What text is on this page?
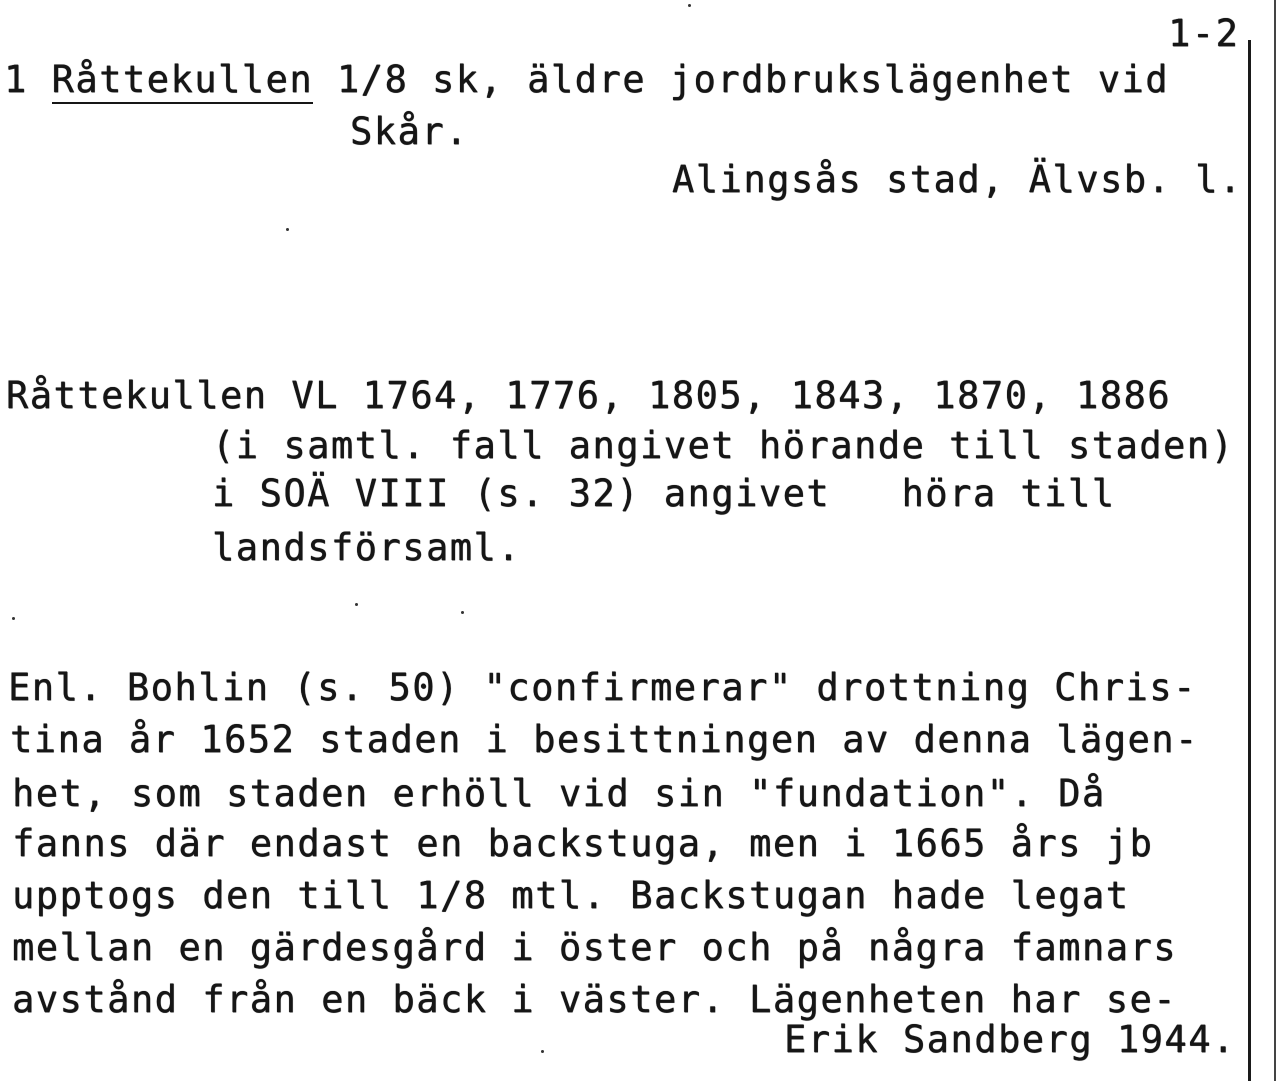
1-2
1 Råttekullen 1/8 sk, äldre jordbrukslägenhet vid
Skår.
Alingsås stad, Älvsb. l.
Råttekullen VL 1764, 1776, 1805, 1843, 1870, 1886
(i samtl. fall angivet hörande till staden)
i SOÄ VIII (s. 32) angivet   höra till
landsförsaml.
Enl. Bohlin (s. 50) "confirmerar" drottning Chris-
tina år 1652 staden i besittningen av denna lägen-
het, som staden erhöll vid sin "fundation". Då
fanns där endast en backstuga, men i 1665 års jb
upptogs den till 1/8 mtl. Backstugan hade legat
mellan en gärdesgård i öster och på några famnars
avstånd från en bäck i väster. Lägenheten har se-
Erik Sandberg 1944.
